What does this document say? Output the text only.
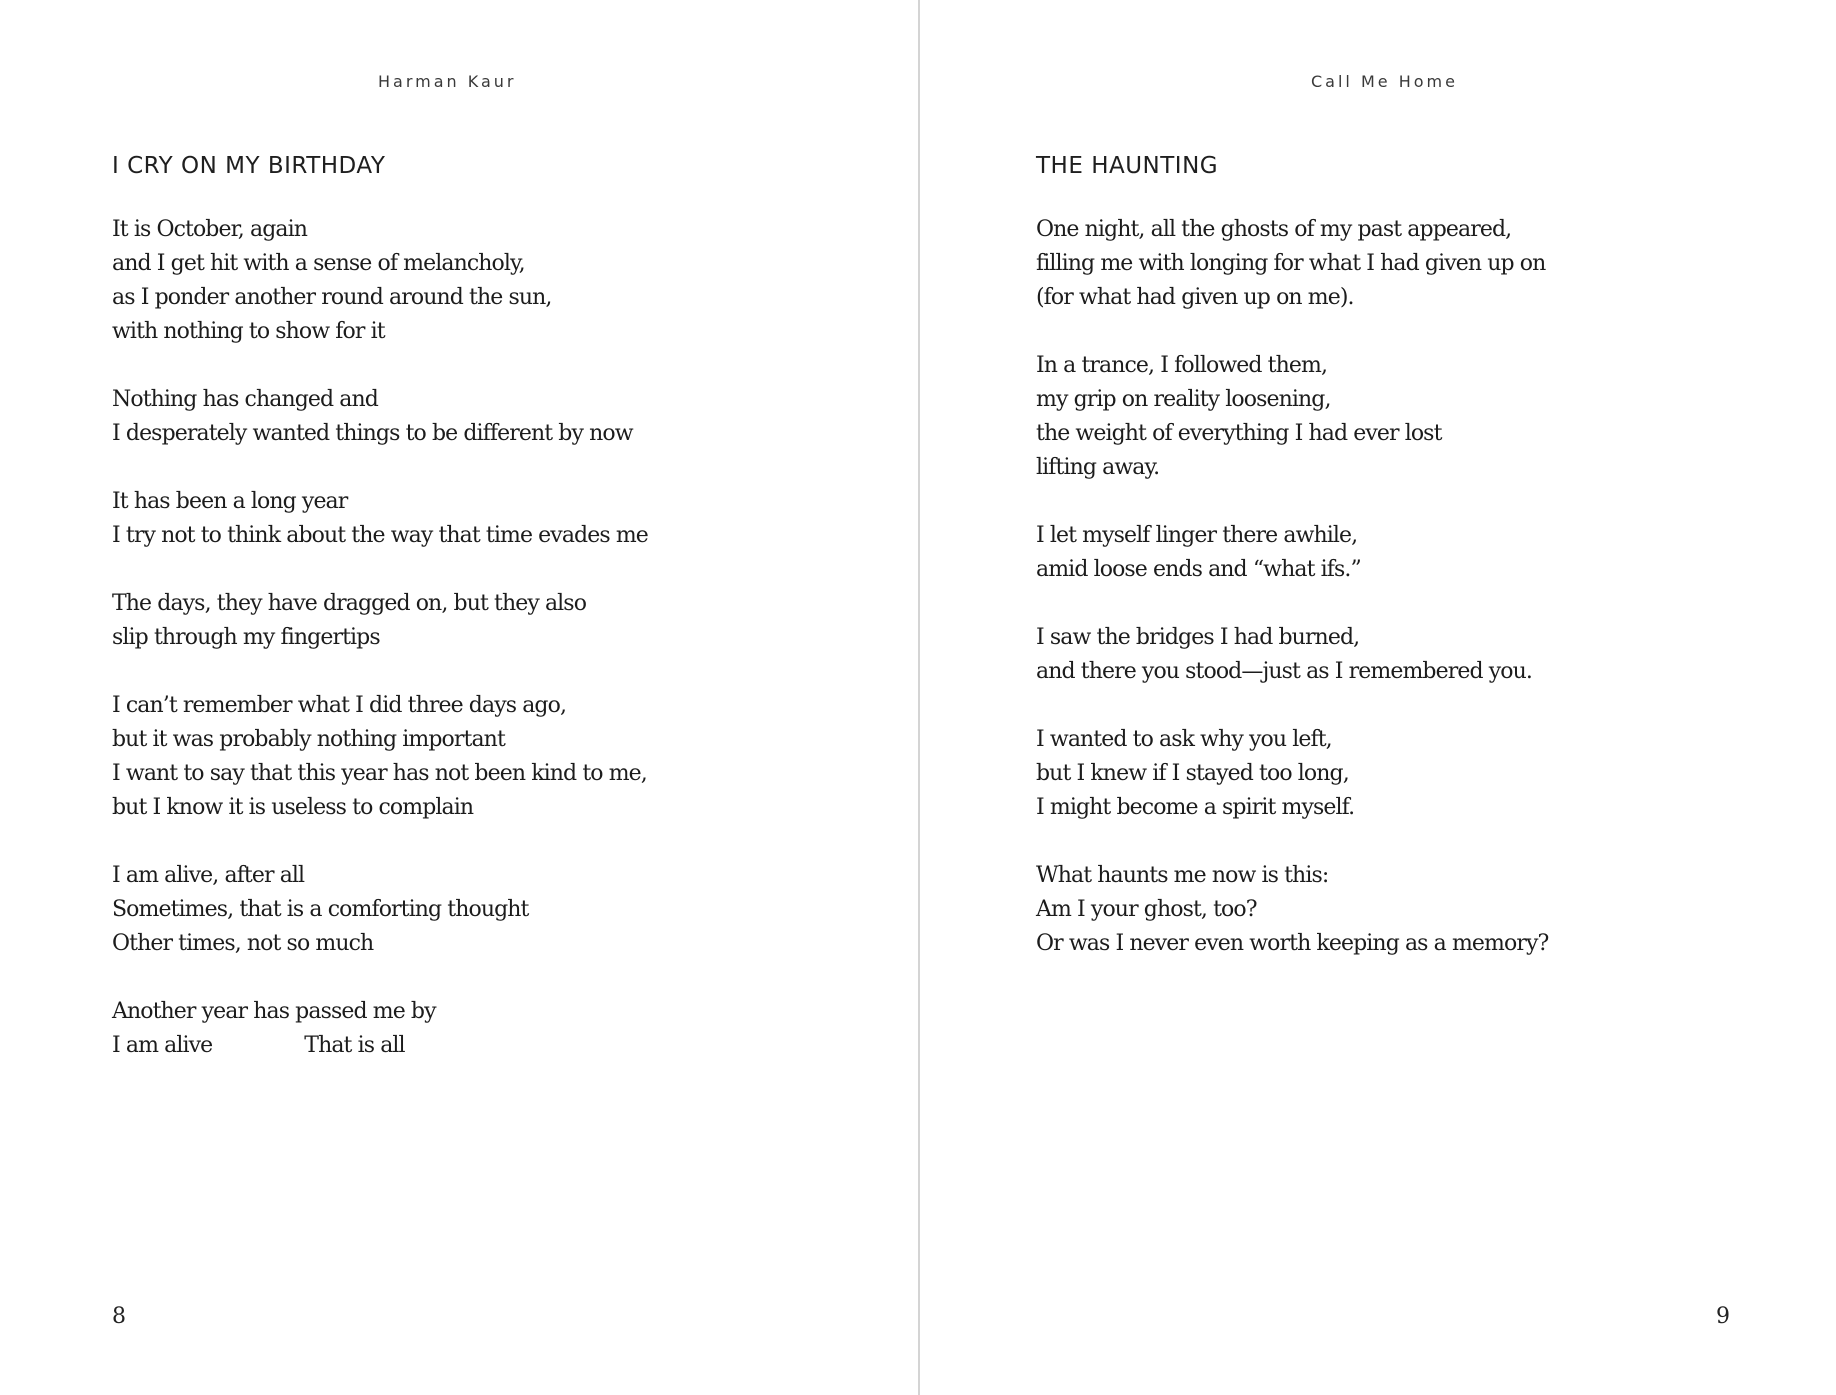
Harman Kaur
I CRY ON MY BIRTHDAY
It is October, again
and I get hit with a sense of melancholy,
as I ponder another round around the sun,
with nothing to show for it
Nothing has changed and
I desperately wanted things to be different by now
It has been a long year
I try not to think about the way that time evades me
The days, they have dragged on, but they also
slip through my fingertips
I can’t remember what I did three days ago,
but it was probably nothing important
I want to say that this year has not been kind to me,
but I know it is useless to complain
I am alive, after all
Sometimes, that is a comforting thought
Other times, not so much
Another year has passed me by
I am alive	That is all
8
Call Me Home
THE HAUNTING
One night, all the ghosts of my past appeared,
filling me with longing for what I had given up on
(for what had given up on me).
In a trance, I followed them,
my grip on reality loosening,
the weight of everything I had ever lost
lifting away.
I let myself linger there awhile,
amid loose ends and “what ifs.”
I saw the bridges I had burned,
and there you stood—just as I remembered you.
I wanted to ask why you left,
but I knew if I stayed too long,
I might become a spirit myself.
What haunts me now is this:
Am I your ghost, too?
Or was I never even worth keeping as a memory?
9
